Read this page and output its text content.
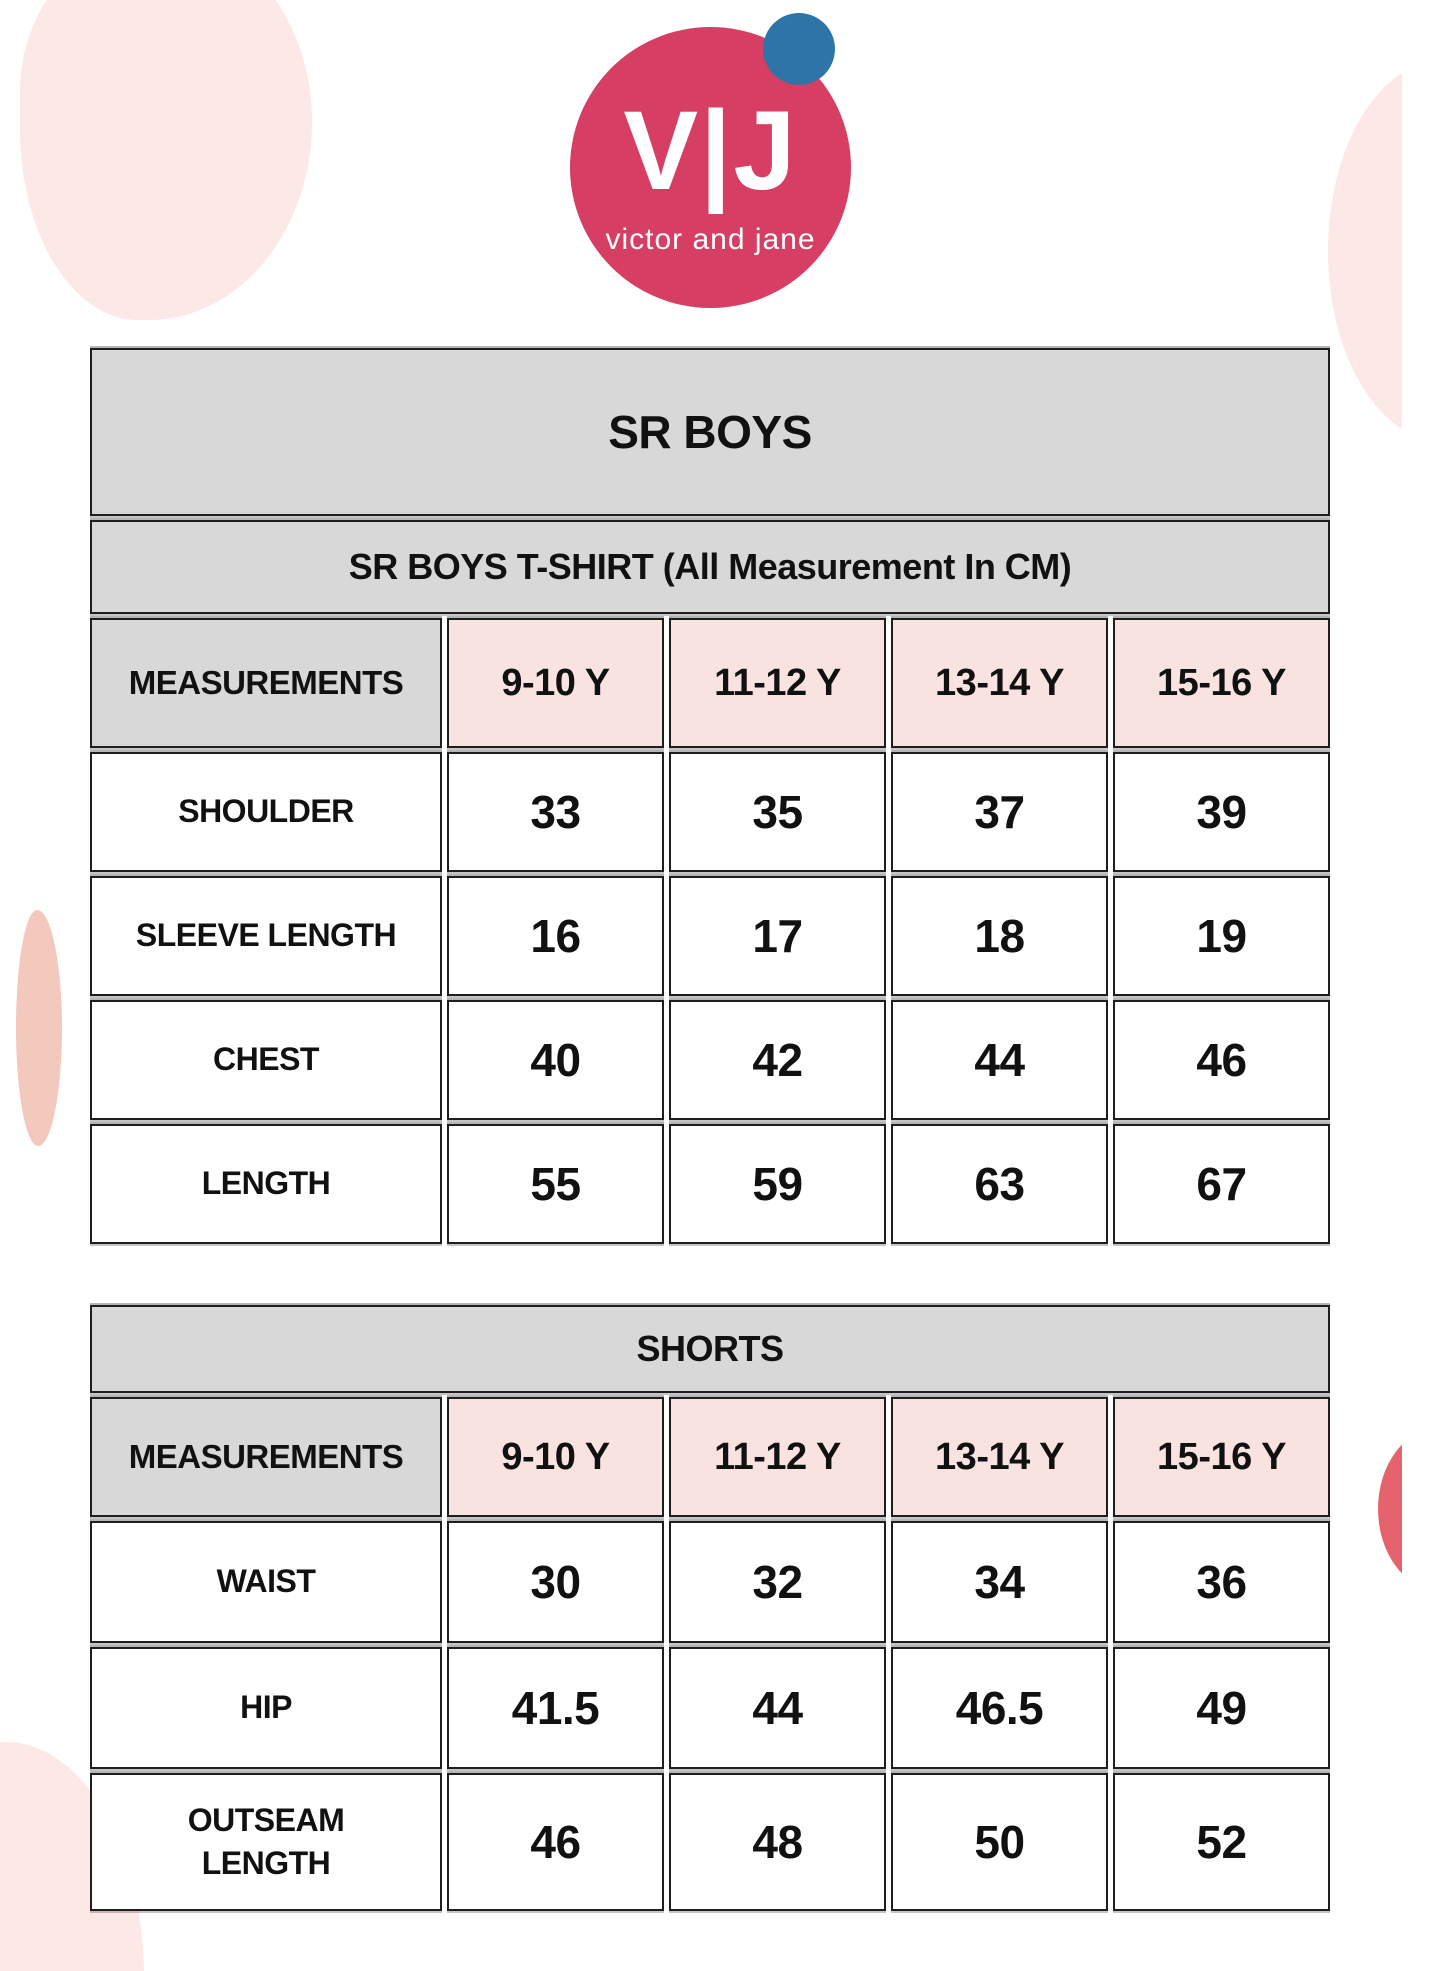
V|J
victor and jane
SR BOYS
SR BOYS T-SHIRT (All Measurement In CM)
MEASUREMENTS	9-10 Y	11-12 Y	13-14 Y	15-16 Y
SHOULDER	33	35	37	39
SLEEVE LENGTH	16	17	18	19
CHEST	40	42	44	46
LENGTH	55	59	63	67
SHORTS
MEASUREMENTS	9-10 Y	11-12 Y	13-14 Y	15-16 Y
WAIST	30	32	34	36
HIP	41.5	44	46.5	49
OUTSEAM LENGTH	46	48	50	52
